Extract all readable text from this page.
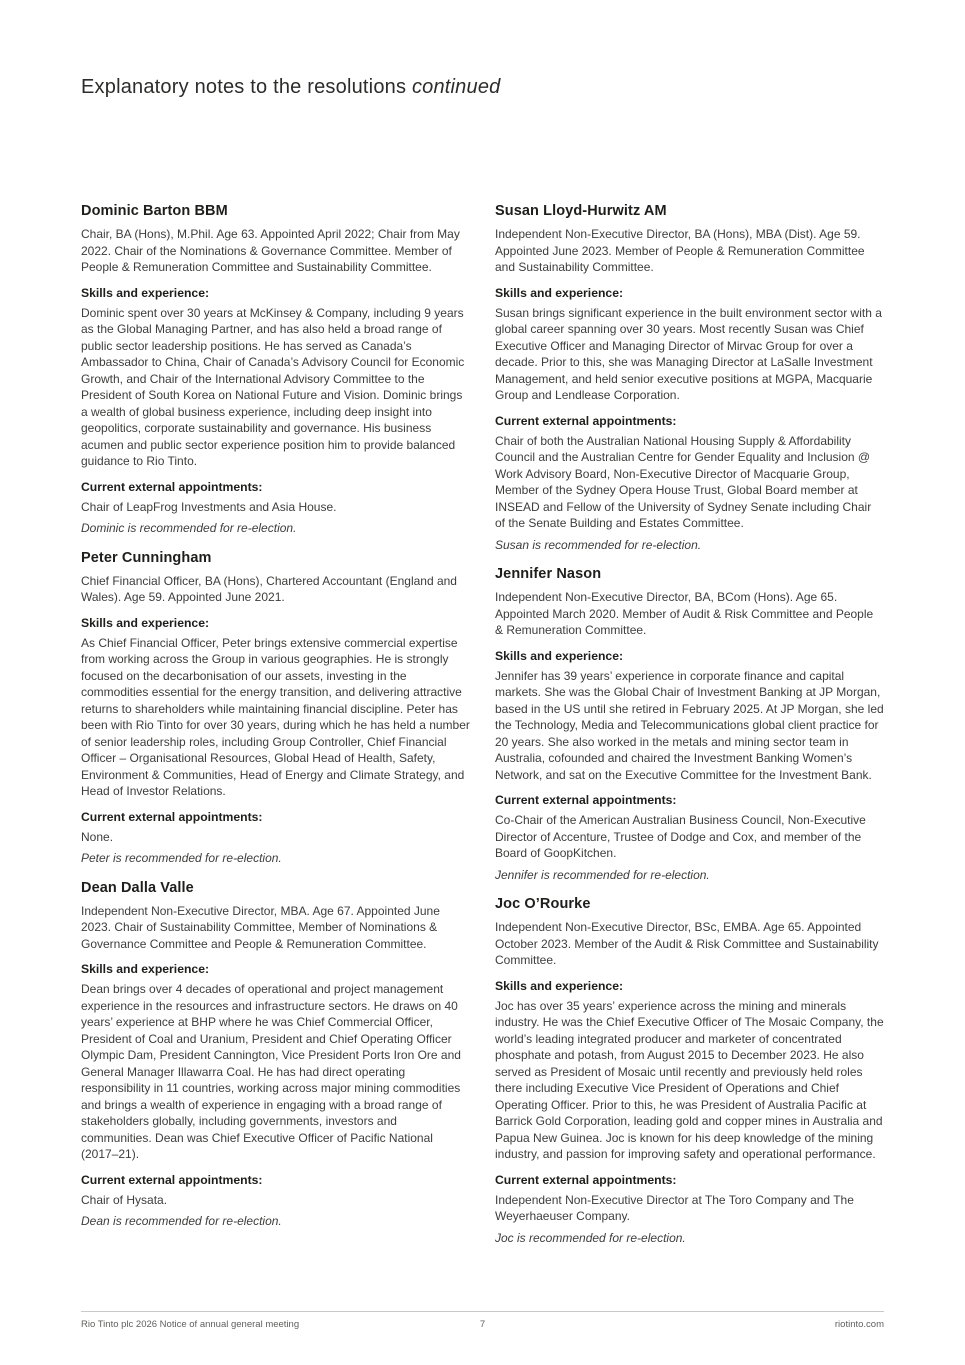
Explanatory notes to the resolutions continued
Dominic Barton BBM

Chair, BA (Hons), M.Phil. Age 63. Appointed April 2022; Chair from May 2022. Chair of the Nominations & Governance Committee. Member of People & Remuneration Committee and Sustainability Committee.

Skills and experience:

Dominic spent over 30 years at McKinsey & Company, including 9 years as the Global Managing Partner, and has also held a broad range of public sector leadership positions. He has served as Canada’s Ambassador to China, Chair of Canada’s Advisory Council for Economic Growth, and Chair of the International Advisory Committee to the President of South Korea on National Future and Vision. Dominic brings a wealth of global business experience, including deep insight into geopolitics, corporate sustainability and governance. His business acumen and public sector experience position him to provide balanced guidance to Rio Tinto.

Current external appointments:

Chair of LeapFrog Investments and Asia House.

Dominic is recommended for re-election.

Peter Cunningham

Chief Financial Officer, BA (Hons), Chartered Accountant (England and Wales). Age 59. Appointed June 2021.

Skills and experience:

As Chief Financial Officer, Peter brings extensive commercial expertise from working across the Group in various geographies. He is strongly focused on the decarbonisation of our assets, investing in the commodities essential for the energy transition, and delivering attractive returns to shareholders while maintaining financial discipline. Peter has been with Rio Tinto for over 30 years, during which he has held a number of senior leadership roles, including Group Controller, Chief Financial Officer – Organisational Resources, Global Head of Health, Safety, Environment & Communities, Head of Energy and Climate Strategy, and Head of Investor Relations.

Current external appointments:

None.

Peter is recommended for re-election.

Dean Dalla Valle

Independent Non-Executive Director, MBA. Age 67. Appointed June 2023. Chair of Sustainability Committee, Member of Nominations & Governance Committee and People & Remuneration Committee.

Skills and experience:

Dean brings over 4 decades of operational and project management experience in the resources and infrastructure sectors. He draws on 40 years’ experience at BHP where he was Chief Commercial Officer, President of Coal and Uranium, President and Chief Operating Officer Olympic Dam, President Cannington, Vice President Ports Iron Ore and General Manager Illawarra Coal. He has had direct operating responsibility in 11 countries, working across major mining commodities and brings a wealth of experience in engaging with a broad range of stakeholders globally, including governments, investors and communities. Dean was Chief Executive Officer of Pacific National (2017–21).

Current external appointments:

Chair of Hysata.

Dean is recommended for re-election.

Susan Lloyd-Hurwitz AM

Independent Non-Executive Director, BA (Hons), MBA (Dist). Age 59. Appointed June 2023. Member of People & Remuneration Committee and Sustainability Committee.

Skills and experience:

Susan brings significant experience in the built environment sector with a global career spanning over 30 years. Most recently Susan was Chief Executive Officer and Managing Director of Mirvac Group for over a decade. Prior to this, she was Managing Director at LaSalle Investment Management, and held senior executive positions at MGPA, Macquarie Group and Lendlease Corporation.

Current external appointments:

Chair of both the Australian National Housing Supply & Affordability Council and the Australian Centre for Gender Equality and Inclusion @ Work Advisory Board, Non-Executive Director of Macquarie Group, Member of the Sydney Opera House Trust, Global Board member at INSEAD and Fellow of the University of Sydney Senate including Chair of the Senate Building and Estates Committee.

Susan is recommended for re-election.

Jennifer Nason

Independent Non-Executive Director, BA, BCom (Hons). Age 65. Appointed March 2020. Member of Audit & Risk Committee and People & Remuneration Committee.

Skills and experience:

Jennifer has 39 years’ experience in corporate finance and capital markets. She was the Global Chair of Investment Banking at JP Morgan, based in the US until she retired in February 2025. At JP Morgan, she led the Technology, Media and Telecommunications global client practice for 20 years. She also worked in the metals and mining sector team in Australia, cofounded and chaired the Investment Banking Women’s Network, and sat on the Executive Committee for the Investment Bank.

Current external appointments:

Co-Chair of the American Australian Business Council, Non-Executive Director of Accenture, Trustee of Dodge and Cox, and member of the Board of GoopKitchen.

Jennifer is recommended for re-election.

Joc O’Rourke

Independent Non-Executive Director, BSc, EMBA. Age 65. Appointed October 2023. Member of the Audit & Risk Committee and Sustainability Committee.

Skills and experience:

Joc has over 35 years’ experience across the mining and minerals industry. He was the Chief Executive Officer of The Mosaic Company, the world’s leading integrated producer and marketer of concentrated phosphate and potash, from August 2015 to December 2023. He also served as President of Mosaic until recently and previously held roles there including Executive Vice President of Operations and Chief Operating Officer. Prior to this, he was President of Australia Pacific at Barrick Gold Corporation, leading gold and copper mines in Australia and Papua New Guinea. Joc is known for his deep knowledge of the mining industry, and passion for improving safety and operational performance.

Current external appointments:

Independent Non-Executive Director at The Toro Company and The Weyerhaeuser Company.

Joc is recommended for re-election.

Rio Tinto plc 2026 Notice of annual general meeting	7	riotinto.com
